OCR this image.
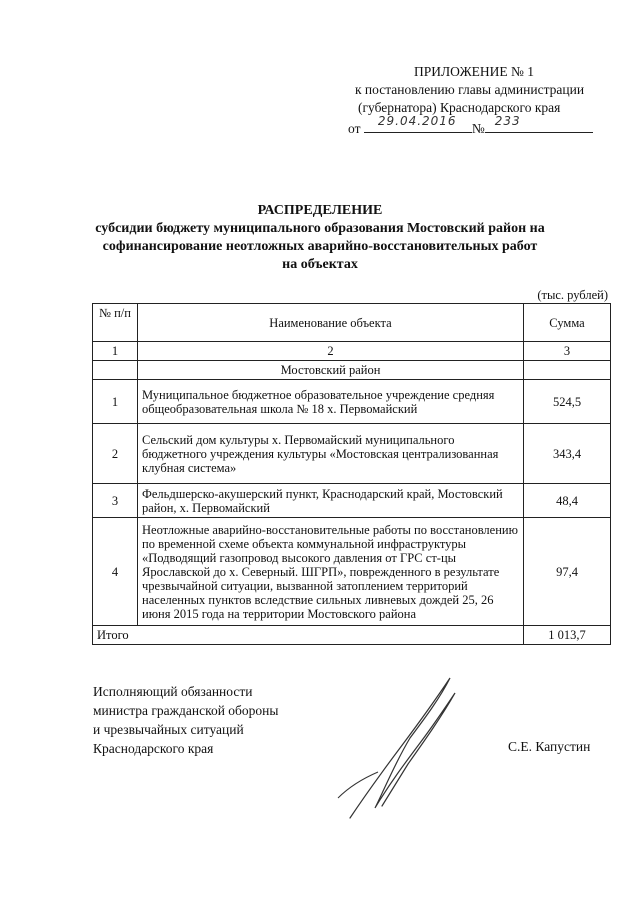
ПРИЛОЖЕНИЕ № 1
к постановлению главы администрации
(губернатора) Краснодарского края
от 29.04.2016 № 233
РАСПРЕДЕЛЕНИЕ
субсидии бюджету муниципального образования Мостовский район на
софинансирование неотложных аварийно-восстановительных работ
на объектах
(тыс. рублей)
№ п/п	Наименование объекта	Сумма
1	2	3
	Мостовский район	
1	Муниципальное бюджетное образовательное учреждение средняя общеобразовательная школа № 18 х. Первомайский	524,5
2	Сельский дом культуры х. Первомайский муниципального бюджетного учреждения культуры «Мостовская централизованная клубная система»	343,4
3	Фельдшерско-акушерский пункт, Краснодарский край, Мостовский район, х. Первомайский	48,4
4	Неотложные аварийно-восстановительные работы по восстановлению по временной схеме объекта коммунальной инфраструктуры «Подводящий газопровод высокого давления от ГРС ст-цы Ярославской до х. Северный. ШГРП», поврежденного в результате чрезвычайной ситуации, вызванной затоплением территорий населенных пунктов вследствие сильных ливневых дождей 25, 26 июня 2015 года на территории Мостовского района	97,4
Итого		1 013,7
Исполняющий обязанности
министра гражданской обороны
и чрезвычайных ситуаций
Краснодарского края	С.Е. Капустин
